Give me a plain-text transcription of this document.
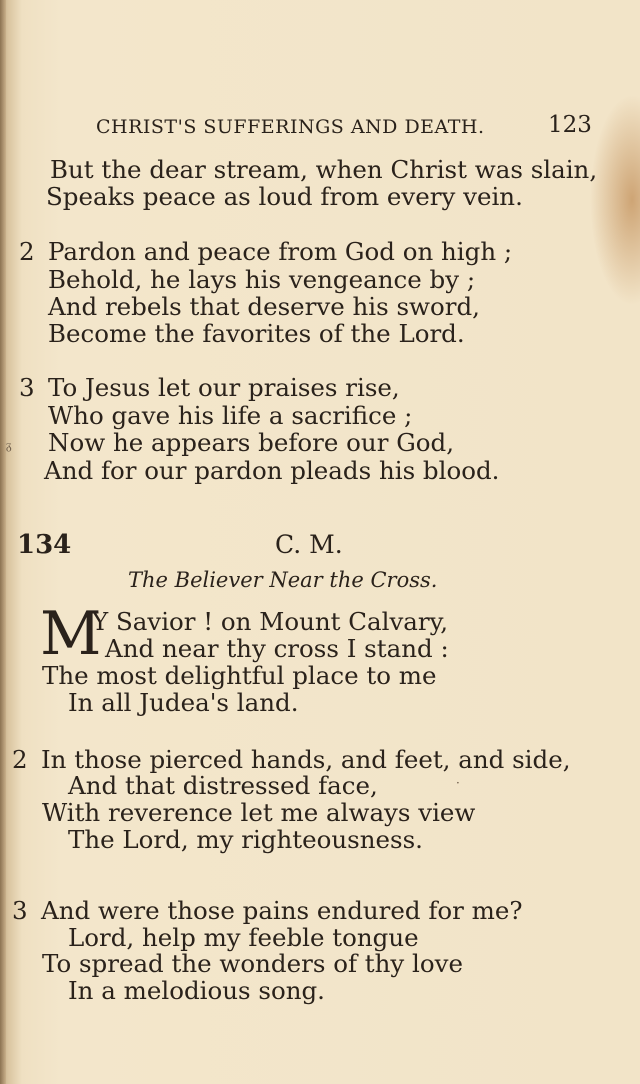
CHRIST'S SUFFERINGS AND DEATH.	123
But the dear stream, when Christ was slain,
Speaks peace as loud from every vein.
2 Pardon and peace from God on high ;
Behold, he lays his vengeance by ;
And rebels that deserve his sword,
Become the favorites of the Lord.
3 To Jesus let our praises rise,
Who gave his life a sacrifice ;
Now he appears before our God,
And for our pardon pleads his blood.
ᵹ
134	C. M.
The Believer Near the Cross.
M
Y Savior ! on Mount Calvary,
And near thy cross I stand :
The most delightful place to me
In all Judea's land.
2 In those pierced hands, and feet, and side,
And that distressed face,
With reverence let me always view
The Lord, my righteousness.
·
3 And were those pains endured for me?
Lord, help my feeble tongue
To spread the wonders of thy love
In a melodious song.
